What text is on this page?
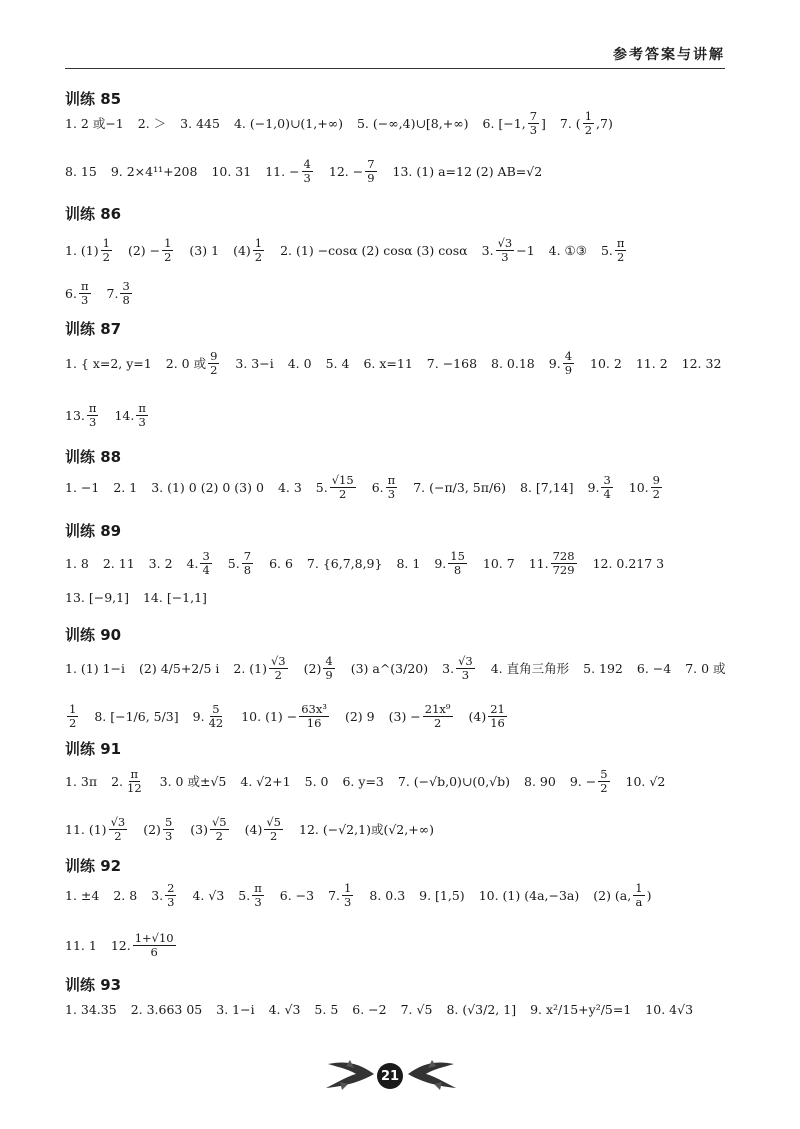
参考答案与讲解
训练 85
1. 2 或−1 2. ＞ 3. 445 4. (−1,0)∪(1,+∞) 5. (−∞,4)∪[8,+∞) 6. [−1, $\frac{7}{3}$ ] 7. ( $\frac{1}{2} ,7$)
8. 15 9. 2×4¹¹+208 10. 31 11. − $\frac{4}{3} 12$. − $\frac{7}{9} 13$. (1) a=12 (2) AB=√2
训练 86
1. $(1) \frac{1}{2} (2) - \frac{1}{2} (3)$ 1 $(4) \frac{1}{2} 2$. (1) −cosα (2) cosα (3) cosα 3. $\frac{√3}{3} -1$ 4. ①③ 5. $\frac{\pi}{2}$
6. $\frac{\pi}{3} 7$. $\frac{3}{8}$
训练 87
1. { x=2, y=1 2. 0 或 $\frac{9}{2} 3$. 3−i 4. 0 5. 4 6. x=11 7. −168 8. 0.18 9. $\frac{4}{9} 10$. 2 11. 2 12. 32
13. $\frac{\pi}{3} 14$. $\frac{\pi}{3}$
训练 88
1. −1 2. 1 3. (1) 0 (2) 0 (3) 0 4. 3 5. $\frac{√15}{2} 6$. $\frac{\pi}{3} 7$. (−π/3, 5π/6) 8. [7,14] 9. $\frac{3}{4} 10$. $\frac{9}{2}$
训练 89
1. 8 2. 11 3. 2 4. $\frac{3}{4} 5$. $\frac{7}{8} 6$. 6 7. {6,7,8,9} 8. 1 9. $\frac{15}{8} 10$. 7 11. $\frac{728}{729} 12$. 0.217 3
13. [−9,1] 14. [−1,1]
训练 90
1. (1) 1−i (2) 4/5+2/5 i 2. $(1) \frac{√3}{2} (2) \frac{4}{9} (3)$ a^(3/20) 3. $\frac{√3}{3} 4$. 直角三角形 5. 192 6. −4 7. 0 或
$\frac{1}{2} 8$. [−1/6, 5/3] 9. $\frac{5}{42} 10$. $(1) - \frac{\text{63x³}}{16} (2)$ 9 $(3) - \frac{\text{21x⁹}}{2} (4) \frac{21}{16}$
训练 91
1. 3π 2. $\frac{\pi}{12} 3$. 0 或±√5 4. √2+1 5. 0 6. y=3 7. (−√b,0)∪(0,√b) 8. 90 9. − $\frac{5}{2} 10$. √2
11. $(1) \frac{√3}{2} (2) \frac{5}{3} (3) \frac{√5}{2} (4) \frac{√5}{2} 12$. (−√2,1)或(√2,+∞)
训练 92
1. ±4 2. 8 3. $\frac{2}{3} 4$. √3 5. $\frac{\pi}{3} 6$. −3 7. $\frac{1}{3} 8$. 0.3 9. [1,5) 10. (1) (4a,−3a) (2) (a, $\frac{1}{a}$ )
11. 1 12. $\frac{1+√10}{6}$
训练 93
1. 34.35 2. 3.663 05 3. 1−i 4. √3 5. 5 6. −2 7. √5 8. (√3/2, 1] 9. x²/15+y²/5=1 10. 4√3
21
